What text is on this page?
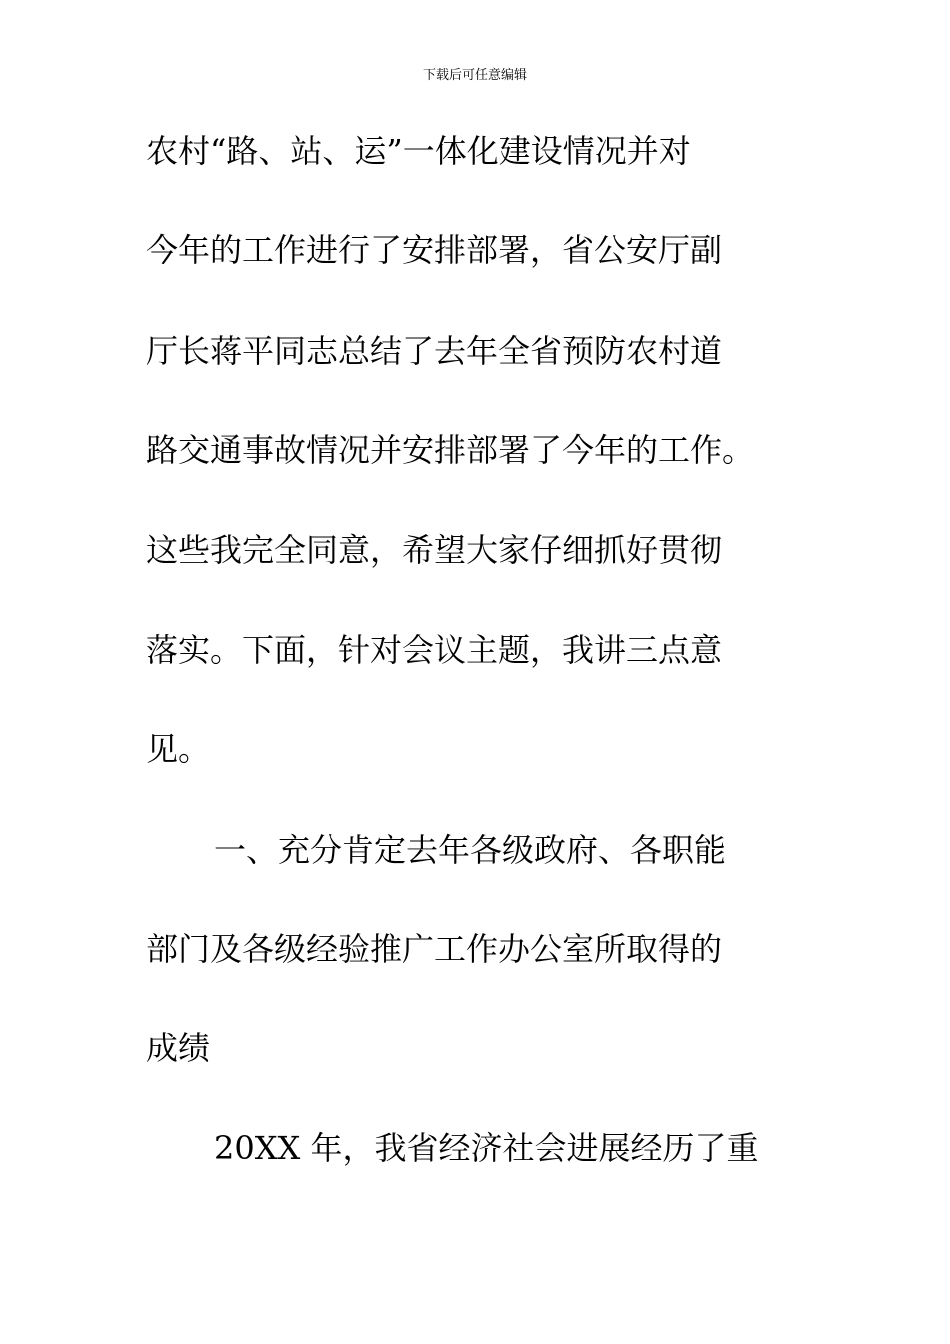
下载后可任意编辑
农村“路、站、运”一体化建设情况并对
今年的工作进行了安排部署，省公安厅副
厅长蒋平同志总结了去年全省预防农村道
路交通事故情况并安排部署了今年的工作。
这些我完全同意，希望大家仔细抓好贯彻
落实。下面，针对会议主题，我讲三点意
见。
一、充分肯定去年各级政府、各职能
部门及各级经验推广工作办公室所取得的
成绩
20XX 年，我省经济社会进展经历了重
